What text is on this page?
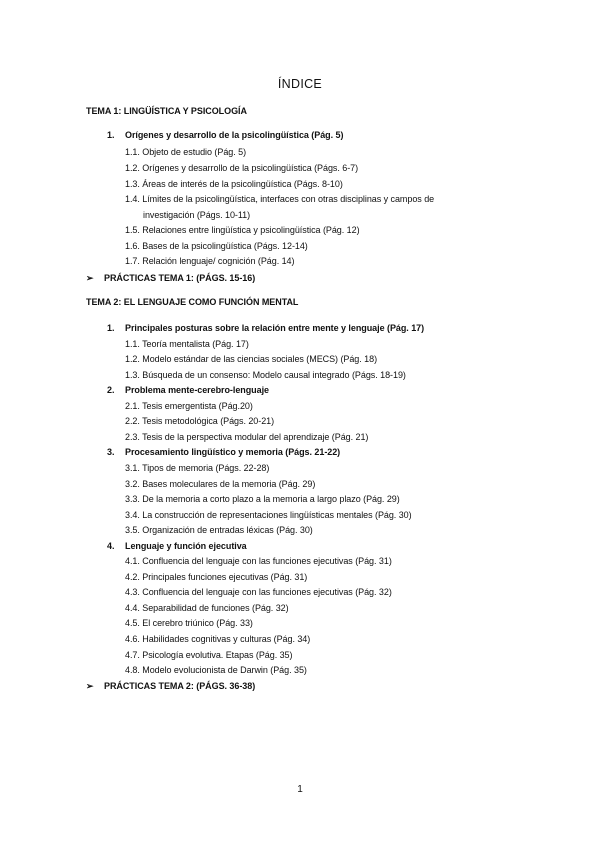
ÍNDICE
TEMA 1: LINGÜÍSTICA Y PSICOLOGÍA
1. Orígenes y desarrollo de la psicolingüística (Pág. 5)
1.1. Objeto de estudio (Pág. 5)
1.2. Orígenes y desarrollo de la psicolingüística (Págs. 6-7)
1.3. Áreas de interés de la psicolingüística (Págs. 8-10)
1.4. Límites de la psicolingüística, interfaces con otras disciplinas y campos de
investigación (Págs. 10-11)
1.5. Relaciones entre lingüística y psicolingüística (Pág. 12)
1.6. Bases de la psicolingüística (Págs. 12-14)
1.7. Relación lenguaje/ cognición (Pág. 14)
➢ PRÁCTICAS TEMA 1: (PÁGS. 15-16)
TEMA 2: EL LENGUAJE COMO FUNCIÓN MENTAL
1. Principales posturas sobre la relación entre mente y lenguaje (Pág. 17)
1.1. Teoría mentalista (Pág. 17)
1.2. Modelo estándar de las ciencias sociales (MECS) (Pág. 18)
1.3. Búsqueda de un consenso: Modelo causal integrado (Págs. 18-19)
2. Problema mente-cerebro-lenguaje
2.1. Tesis emergentista (Pág.20)
2.2. Tesis metodológica (Págs. 20-21)
2.3. Tesis de la perspectiva modular del aprendizaje (Pág. 21)
3. Procesamiento lingüístico y memoria (Págs. 21-22)
3.1. Tipos de memoria (Págs. 22-28)
3.2. Bases moleculares de la memoria (Pág. 29)
3.3. De la memoria a corto plazo a la memoria a largo plazo (Pág. 29)
3.4. La construcción de representaciones lingüísticas mentales (Pág. 30)
3.5. Organización de entradas léxicas (Pág. 30)
4. Lenguaje y función ejecutiva
4.1. Confluencia del lenguaje con las funciones ejecutivas (Pág. 31)
4.2. Principales funciones ejecutivas (Pág. 31)
4.3. Confluencia del lenguaje con las funciones ejecutivas (Pág. 32)
4.4. Separabilidad de funciones (Pág. 32)
4.5. El cerebro triúnico (Pág. 33)
4.6. Habilidades cognitivas y culturas (Pág. 34)
4.7. Psicología evolutiva. Etapas (Pág. 35)
4.8. Modelo evolucionista de Darwin (Pág. 35)
➢ PRÁCTICAS TEMA 2: (PÁGS. 36-38)
1
